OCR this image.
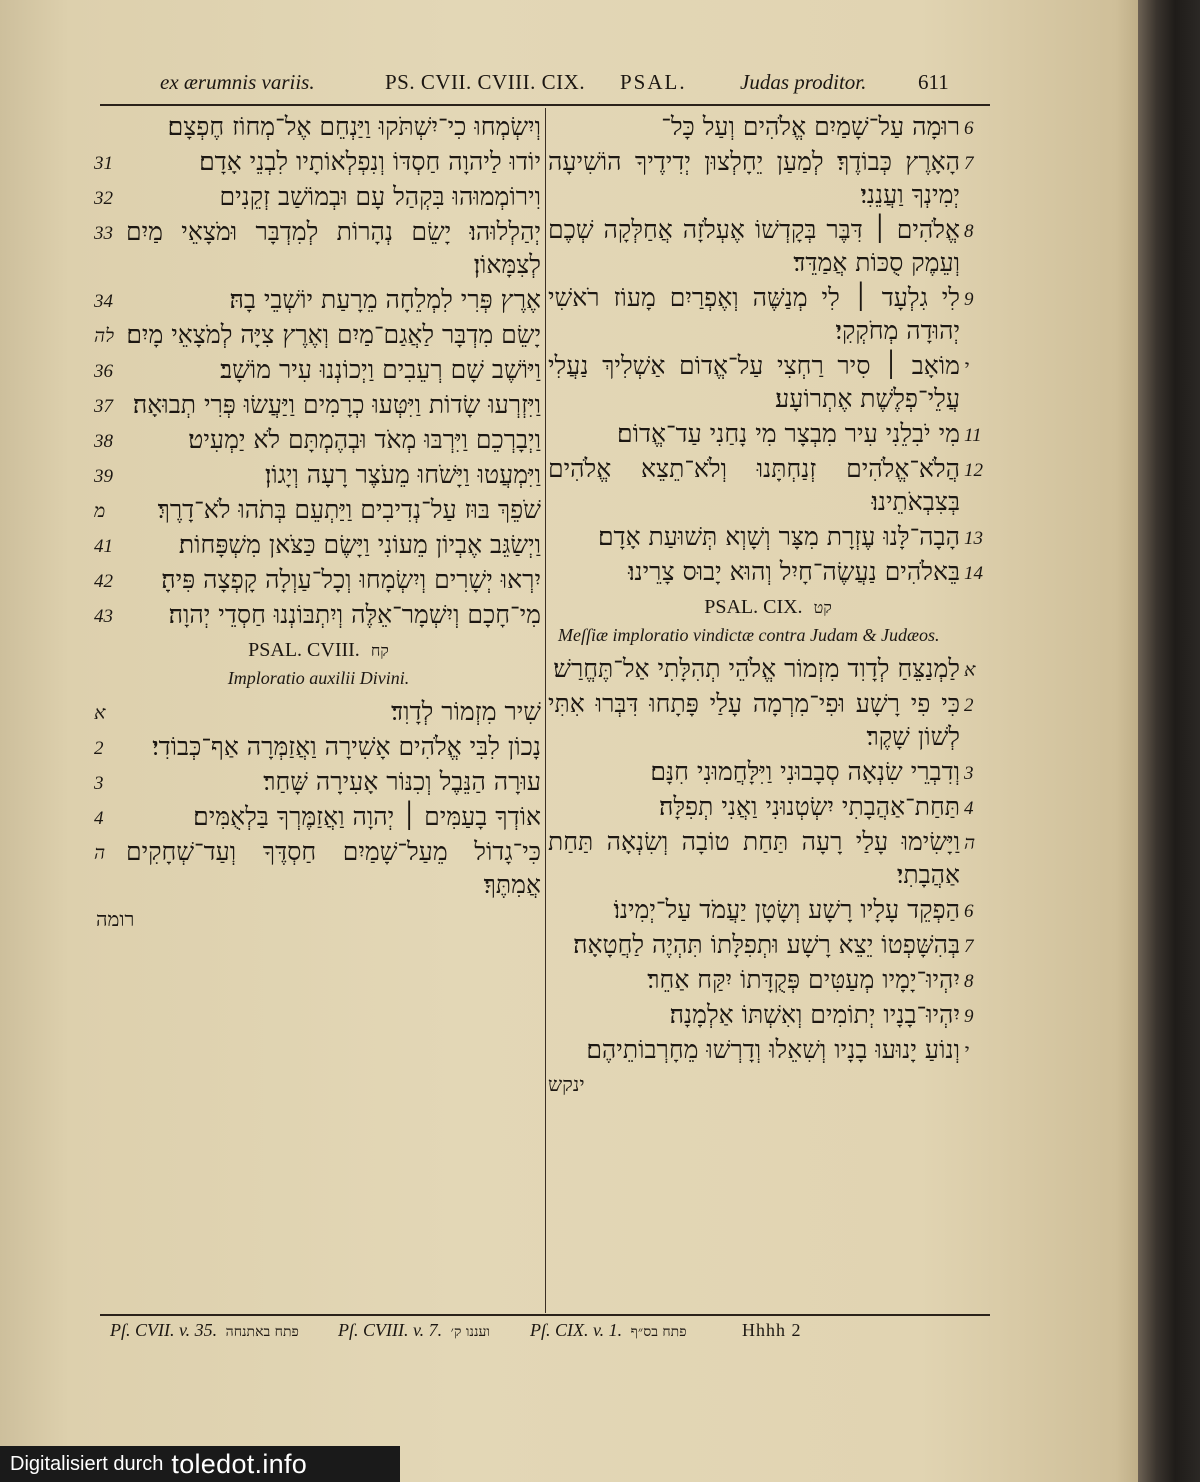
ex ærumnis variis.	PS. CVII. CVIII. CIX. PSAL.	Judas proditor. 611
6
רוּמָה עַל־שָׁמַיִם אֱלֹהִים וְעַל כָּל־
7
הָאָרֶץ כְּבוֹדֶךָ׃ לְמַעַן יֵחָלְצוּן יְדִידֶיךָ הוֹשִׁיעָה יְמִינְךָ וַעֲנֵנִי׃
8
אֱלֹהִים ׀ דִּבֶּר בְּקָדְשׁוֹ אֶעְלֹזָה אֲחַלְּקָה שְׁכֶם וְעֵמֶק סֻכּוֹת אֲמַדֵּד׃
9
לִי גִלְעָד ׀ לִי מְנַשֶּׁה וְאֶפְרַיִם מָעוֹז רֹאשִׁי יְהוּדָה מְחֹקְקִי׃
י
מוֹאָב ׀ סִיר רַחְצִי עַל־אֱדוֹם אַשְׁלִיךְ נַעֲלִי עֲלֵי־פְלֶשֶׁת אֶתְרוֹעָע׃
11
מִי יֹבִלֵנִי עִיר מִבְצָר מִי נָחַנִי עַד־אֱדוֹם׃
12
הֲלֹא־אֱלֹהִים זְנַחְתָּנוּ וְלֹא־תֵצֵא אֱלֹהִים בְּצִבְאֹתֵינוּ׃
13
הָבָה־לָּנוּ עֶזְרָת מִצָּר וְשָׁוְא תְּשׁוּעַת אָדָם׃
14
בֵּאלֹהִים נַעֲשֶׂה־חָיִל וְהוּא יָבוּס צָרֵינוּ׃
PSAL. CIX. קט
Meſſiæ imploratio vindictæ contra Judam & Judæos.
א
לַמְנַצֵּחַ לְדָוִד מִזְמוֹר אֱלֹהֵי תְהִלָּתִי אַל־תֶּחֱרַשׁ׃
2
כִּי פִי רָשָׁע וּפִי־מִרְמָה עָלַי פָּתָחוּ דִּבְּרוּ אִתִּי לְשׁוֹן שָׁקֶר׃
3
וְדִבְרֵי שִׂנְאָה סְבָבוּנִי וַיִּלָּחֲמוּנִי חִנָּם׃
4
תַּחַת־אַהֲבָתִי יִשְׂטְנוּנִי וַאֲנִי תְפִלָּה׃
ה
וַיָּשִׂימוּ עָלַי רָעָה תַּחַת טוֹבָה וְשִׂנְאָה תַּחַת אַהֲבָתִי׃
6
הַפְקֵד עָלָיו רָשָׁע וְשָׂטָן יַעֲמֹד עַל־יְמִינוֹ׃
7
בְּהִשָּׁפְטוֹ יֵצֵא רָשָׁע וּתְפִלָּתוֹ תִּהְיֶה לַחֲטָאָה׃
8
יִהְיוּ־יָמָיו מְעַטִּים פְּקֻדָּתוֹ יִקַּח אַחֵר׃
9
יִהְיוּ־בָנָיו יְתוֹמִים וְאִשְׁתּוֹ אַלְמָנָה׃
י
וְנוֹעַ יָנוּעוּ בָנָיו וְשִׁאֵלוּ וְדָרְשׁוּ מֵחָרְבוֹתֵיהֶם׃
ינקש
וְיִשְׂמְחוּ כִי־יִשְׁתֹּקוּ וַיַּנְחֵם אֶל־מְחוֹז חֶפְצָם׃
31	יוֹדוּ לַיהוָה חַסְדּוֹ וְנִפְלְאוֹתָיו לִבְנֵי אָדָם׃
32	וִירוֹמְמוּהוּ בִּקְהַל עָם וּבְמוֹשַׁב זְקֵנִים
33 יְהַלְלוּהוּ׃ יָשֵׂם נְהָרוֹת לְמִדְבָּר וּמֹצָאֵי מַיִם לְצִמָּאוֹן׃
34	אֶרֶץ פְּרִי לִמְלֵחָה מֵרָעַת יוֹשְׁבֵי בָהּ׃
לה יָשֵׂם מִדְבָּר לַאֲגַם־מַיִם וְאֶרֶץ צִיָּה לְמֹצָאֵי מָיִם׃
36	וַיּוֹשֶׁב שָׁם רְעֵבִים וַיְכוֹנְנוּ עִיר מוֹשָׁב׃
37 וַיִּזְרְעוּ שָׂדוֹת וַיִּטְּעוּ כְרָמִים וַיַּעֲשׂוּ פְּרִי תְבוּאָה׃
38	וַיְבָרְכֵם וַיִּרְבּוּ מְאֹד וּבְהֶמְתָּם לֹא יַמְעִיט׃
39	וַיִּמְעֲטוּ וַיָּשֹׁחוּ מֵעֹצֶר רָעָה וְיָגוֹן׃
מ	שֹׁפֵךְ בּוּז עַל־נְדִיבִים וַיַּתְעֵם בְּתֹהוּ לֹא־דָרֶךְ׃
41	וַיְשַׂגֵּב אֶבְיוֹן מֵעוֹנִי וַיָּשֶׂם כַּצֹּאן מִשְׁפָּחוֹת׃
42	יִרְאוּ יְשָׁרִים וְיִשְׂמָחוּ וְכָל־עַוְלָה קָפְצָה פִּיהָ׃
43	מִי־חָכָם וְיִשְׁמָר־אֵלֶּה וְיִתְבּוֹנְנוּ חַסְדֵי יְהוָה׃
PSAL. CVIII. קח
Imploratio auxilii Divini.
א	שִׁיר מִזְמוֹר לְדָוִד׃
2	נָכוֹן לִבִּי אֱלֹהִים אָשִׁירָה וַאֲזַמְּרָה אַף־כְּבוֹדִי׃
3	עוּרָה הַנֵּבֶל וְכִנּוֹר אָעִירָה שָּׁחַר׃
4	אוֹדְךָ בָעַמִּים ׀ יְהוָה וַאֲזַמֶּרְךָ בַּלְאֻמִּים׃
ה כִּי־גָדוֹל מֵעַל־שָׁמַיִם חַסְדֶּךָ וְעַד־שְׁחָקִים אֲמִתֶּךָ׃
רומה
Pſ. CVII. v. 35. פתח באתנחה Pſ. CVIII. v. 7. ועננו ק׳ Pſ. CIX. v. 1. פתח בס״ף	Hhhh 2
Digitalisiert durch toledot.info
